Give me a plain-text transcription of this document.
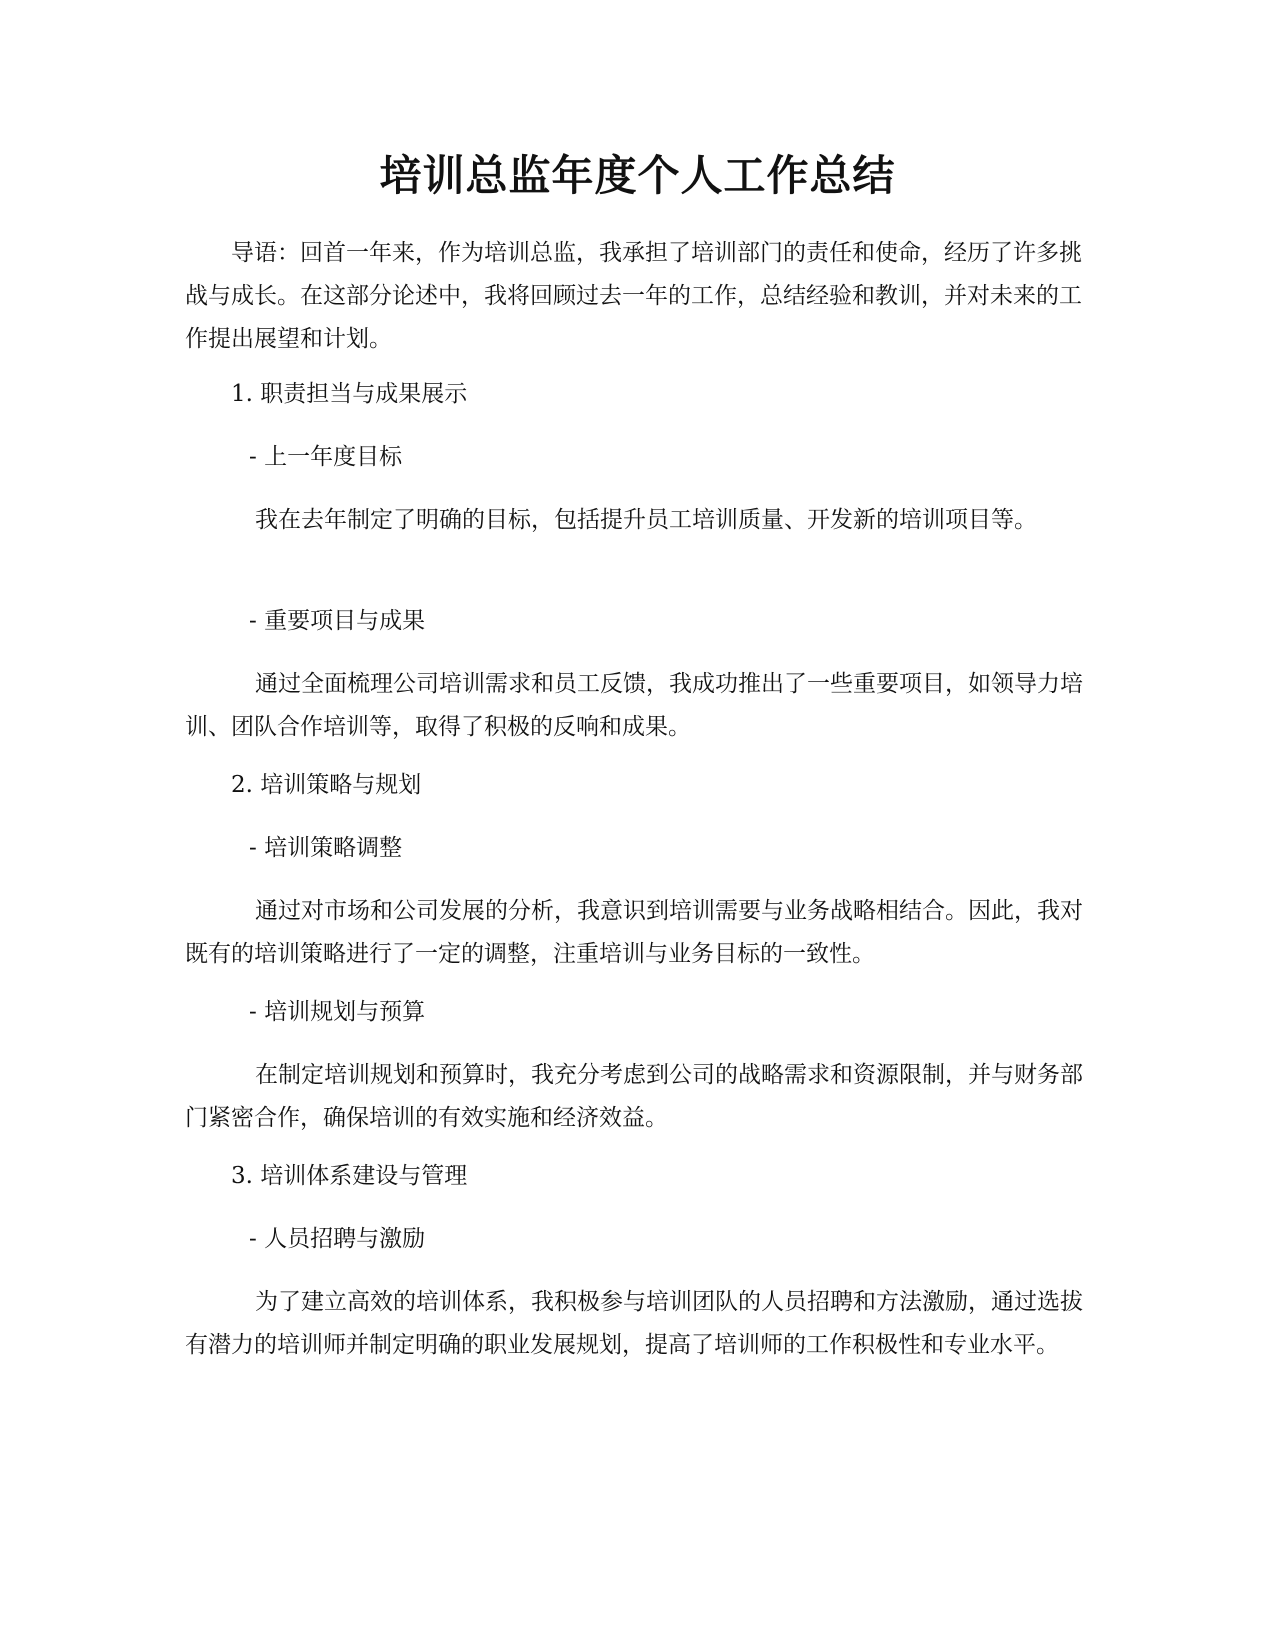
培训总监年度个人工作总结

导语：回首一年来，作为培训总监，我承担了培训部门的责任和使命，经历了许多挑战与成长。在这部分论述中，我将回顾过去一年的工作，总结经验和教训，并对未来的工作提出展望和计划。

1. 职责担当与成果展示

- 上一年度目标

我在去年制定了明确的目标，包括提升员工培训质量、开发新的培训项目等。

- 重要项目与成果

通过全面梳理公司培训需求和员工反馈，我成功推出了一些重要项目，如领导力培训、团队合作培训等，取得了积极的反响和成果。

2. 培训策略与规划

- 培训策略调整

通过对市场和公司发展的分析，我意识到培训需要与业务战略相结合。因此，我对既有的培训策略进行了一定的调整，注重培训与业务目标的一致性。

- 培训规划与预算

在制定培训规划和预算时，我充分考虑到公司的战略需求和资源限制，并与财务部门紧密合作，确保培训的有效实施和经济效益。

3. 培训体系建设与管理

- 人员招聘与激励

为了建立高效的培训体系，我积极参与培训团队的人员招聘和方法激励，通过选拔有潜力的培训师并制定明确的职业发展规划，提高了培训师的工作积极性和专业水平。
